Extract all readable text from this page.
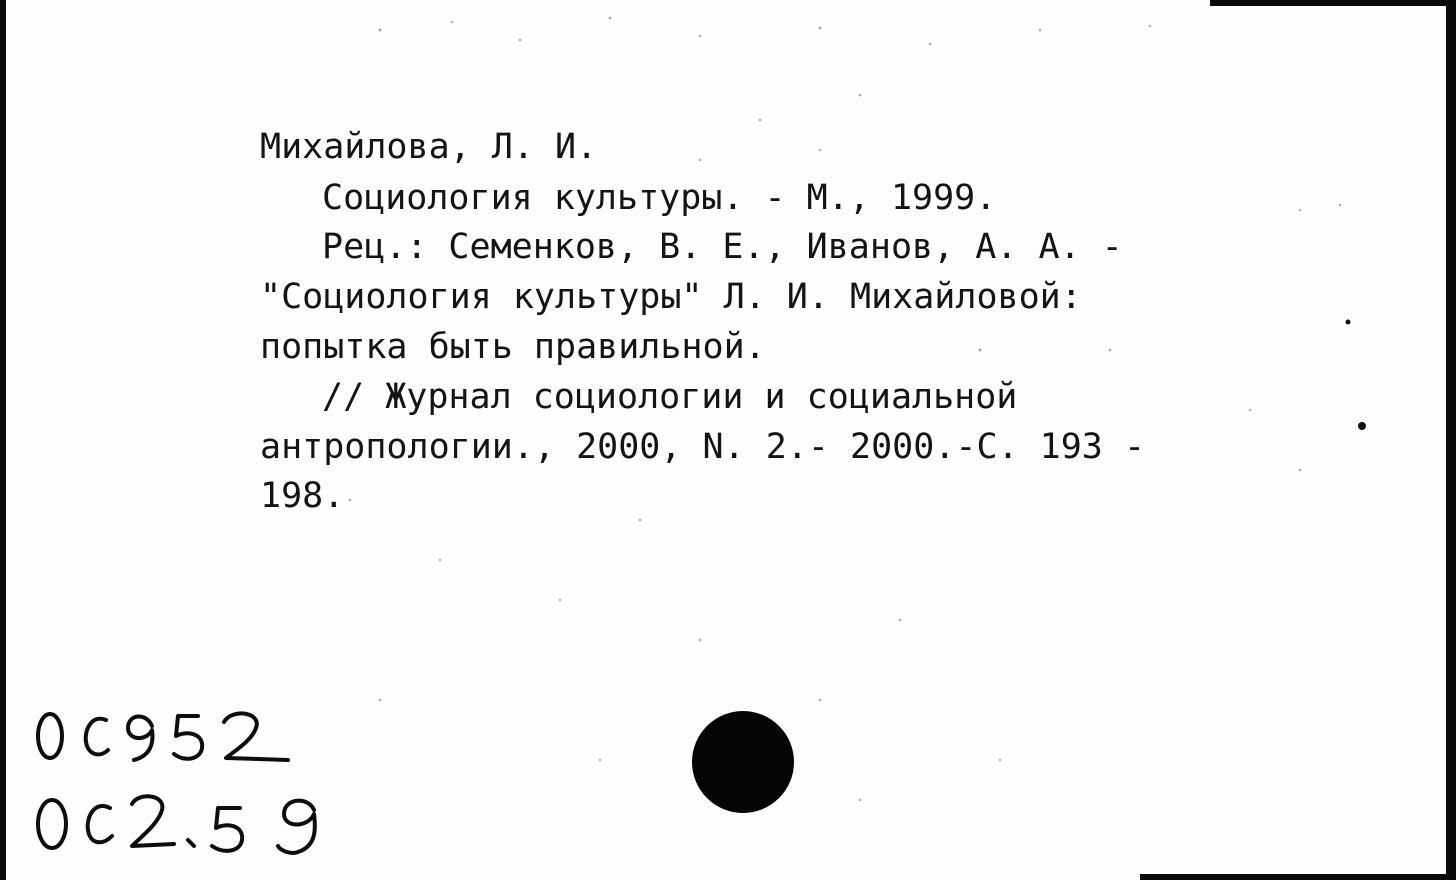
Михайлова, Л. И.
Социология культуры. - М., 1999.
Рец.: Семенков, В. Е., Иванов, А. А. -
"Социология культуры" Л. И. Михайловой:
попытка быть правильной.
// Журнал социологии и социальной
антропологии., 2000, N. 2.- 2000.-С. 193 -
198.
